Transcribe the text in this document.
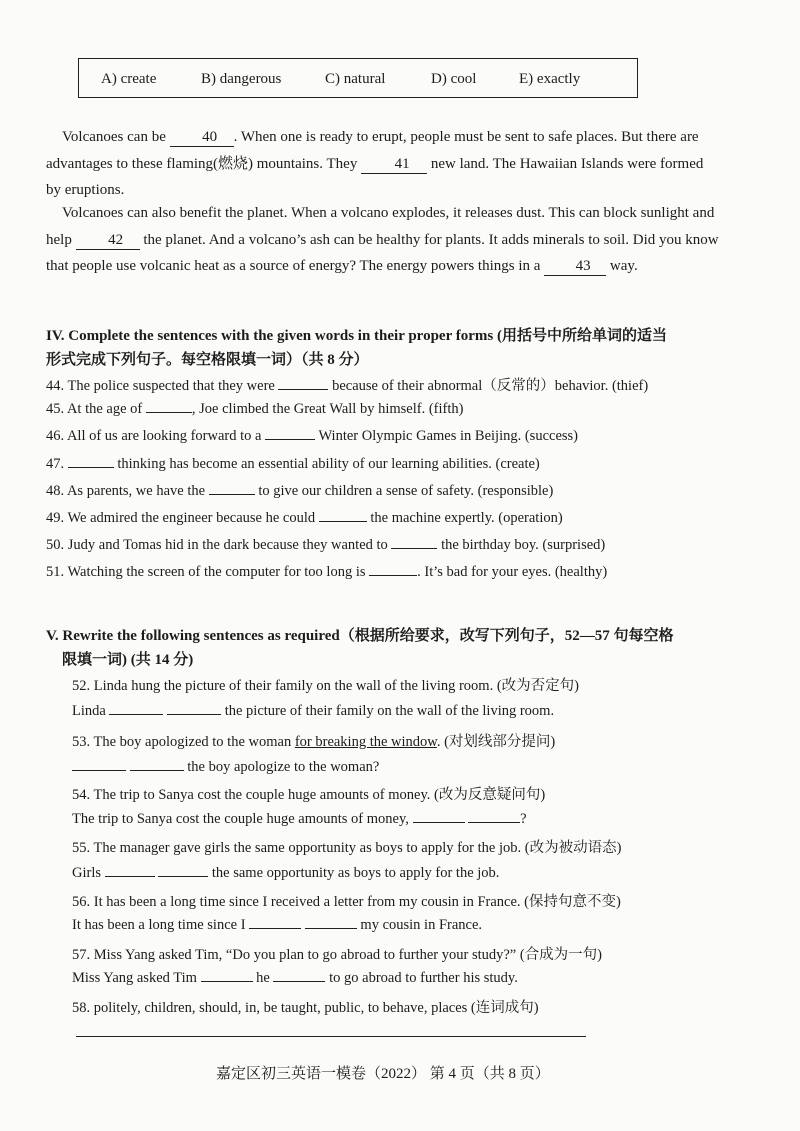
A) create	B) dangerous	C) natural	D) cool	E) exactly
Volcanoes can be 40 . When one is ready to erupt, people must be sent to safe places. But there are advantages to these flaming(燃烧) mountains. They 41 new land. The Hawaiian Islands were formed by eruptions.
Volcanoes can also benefit the planet. When a volcano explodes, it releases dust. This can block sunlight and help 42 the planet. And a volcano’s ash can be healthy for plants. It adds minerals to soil. Did you know that people use volcanic heat as a source of energy? The energy powers things in a 43 way.
IV. Complete the sentences with the given words in their proper forms (用括号中所给单词的适当
形式完成下列句子。每空格限填一词）（共 8 分）
44. The police suspected that they were	because of their abnormal（反常的）behavior. (thief)
45. At the age of	, Joe climbed the Great Wall by himself. (fifth)
46. All of us are looking forward to a	Winter Olympic Games in Beijing. (success)
47.	thinking has become an essential ability of our learning abilities. (create)
48. As parents, we have the	to give our children a sense of safety. (responsible)
49. We admired the engineer because he could	the machine expertly. (operation)
50. Judy and Tomas hid in the dark because they wanted to	the birthday boy. (surprised)
51. Watching the screen of the computer for too long is	. It’s bad for your eyes. (healthy)
V. Rewrite the following sentences as required（根据所给要求，改写下列句子，52—57 句每空格
限填一词) (共 14 分)
52. Linda hung the picture of their family on the wall of the living room. (改为否定句)
Linda	the picture of their family on the wall of the living room.
53. The boy apologized to the woman for breaking the window. (对划线部分提问)
the boy apologize to the woman?
54. The trip to Sanya cost the couple huge amounts of money. (改为反意疑问句)
The trip to Sanya cost the couple huge amounts of money,	?
55. The manager gave girls the same opportunity as boys to apply for the job. (改为被动语态)
Girls	the same opportunity as boys to apply for the job.
56. It has been a long time since I received a letter from my cousin in France. (保持句意不变)
It has been a long time since I	my cousin in France.
57. Miss Yang asked Tim, “Do you plan to go abroad to further your study?” (合成为一句)
Miss Yang asked Tim	he	to go abroad to further his study.
58. politely, children, should, in, be taught, public, to behave, places (连词成句)
嘉定区初三英语一模卷（2022） 第 4 页（共 8 页）
